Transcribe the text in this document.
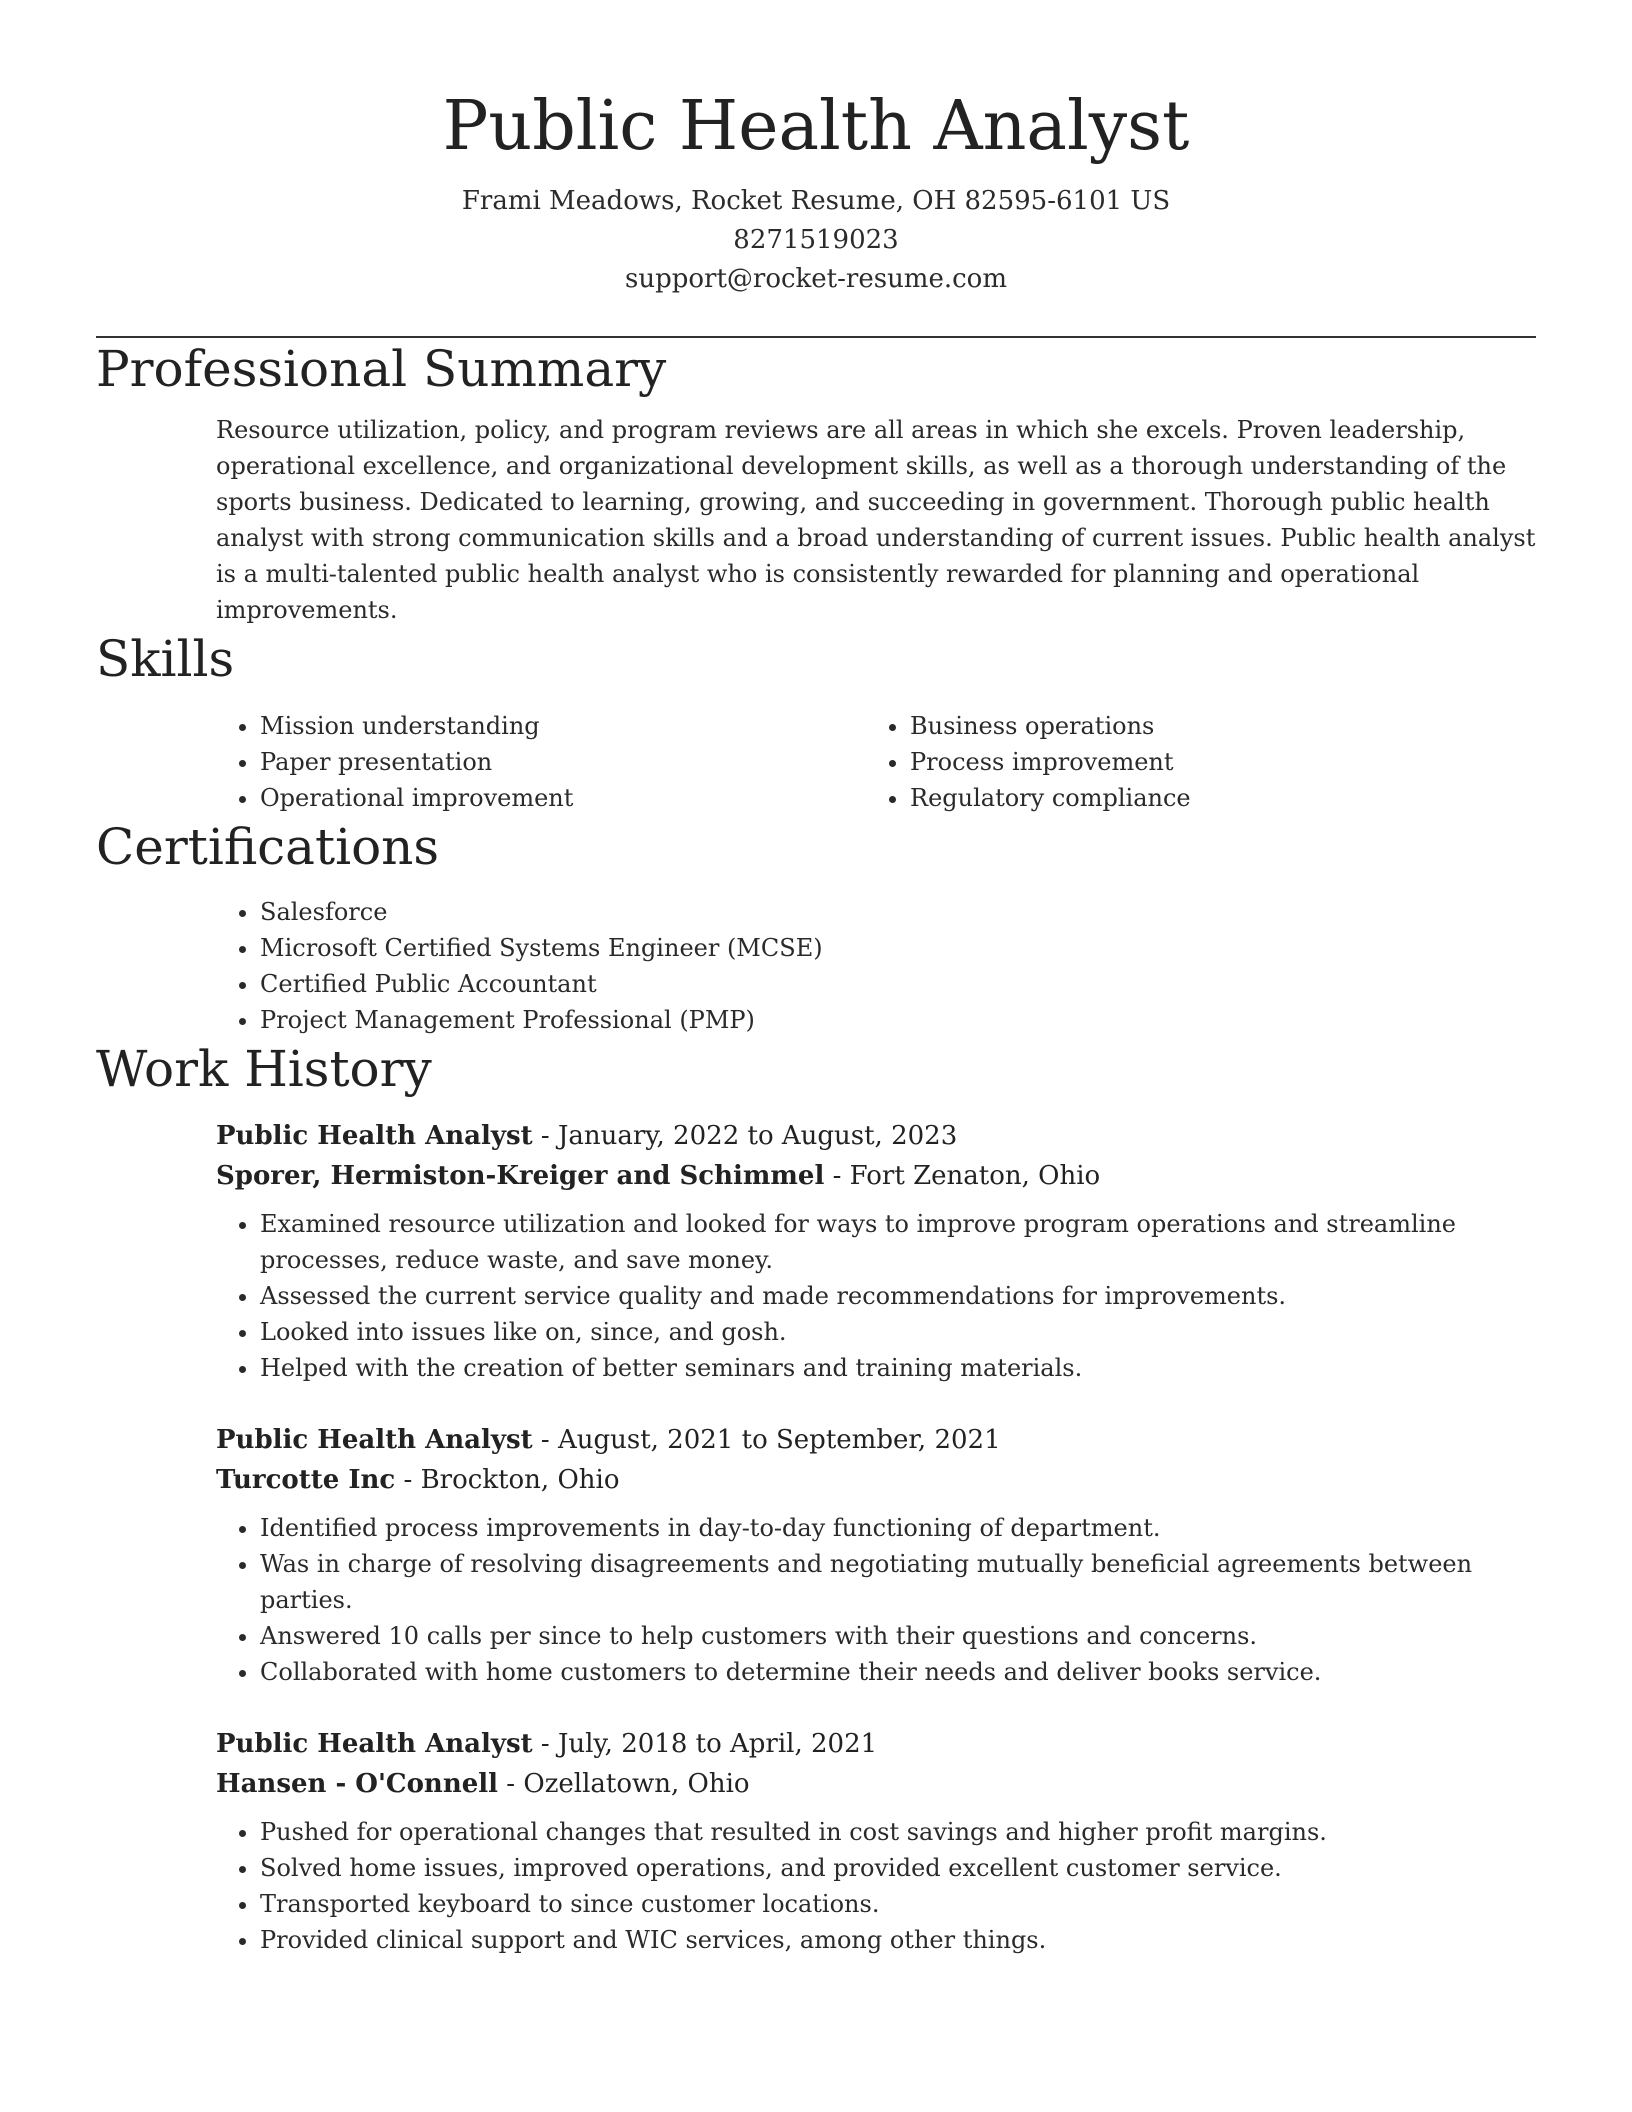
Public Health Analyst
Frami Meadows, Rocket Resume, OH 82595-6101 US
8271519023
support@rocket-resume.com
Professional Summary

Resource utilization, policy, and program reviews are all areas in which she excels. Proven leadership, operational excellence, and organizational development skills, as well as a thorough understanding of the sports business. Dedicated to learning, growing, and succeeding in government. Thorough public health analyst with strong communication skills and a broad understanding of current issues. Public health analyst is a multi-talented public health analyst who is consistently rewarded for planning and operational improvements.

Skills
• Mission understanding
• Paper presentation
• Operational improvement
• Business operations
• Process improvement
• Regulatory compliance
Certifications
• Salesforce
• Microsoft Certified Systems Engineer (MCSE)
• Certified Public Accountant
• Project Management Professional (PMP)
Work History
Public Health Analyst - January, 2022 to August, 2023
Sporer, Hermiston-Kreiger and Schimmel - Fort Zenaton, Ohio
• Examined resource utilization and looked for ways to improve program operations and streamline processes, reduce waste, and save money.
• Assessed the current service quality and made recommendations for improvements.
• Looked into issues like on, since, and gosh.
• Helped with the creation of better seminars and training materials.
Public Health Analyst - August, 2021 to September, 2021
Turcotte Inc - Brockton, Ohio
• Identified process improvements in day-to-day functioning of department.
• Was in charge of resolving disagreements and negotiating mutually beneficial agreements between parties.
• Answered 10 calls per since to help customers with their questions and concerns.
• Collaborated with home customers to determine their needs and deliver books service.
Public Health Analyst - July, 2018 to April, 2021
Hansen - O'Connell - Ozellatown, Ohio
• Pushed for operational changes that resulted in cost savings and higher profit margins.
• Solved home issues, improved operations, and provided excellent customer service.
• Transported keyboard to since customer locations.
• Provided clinical support and WIC services, among other things.
